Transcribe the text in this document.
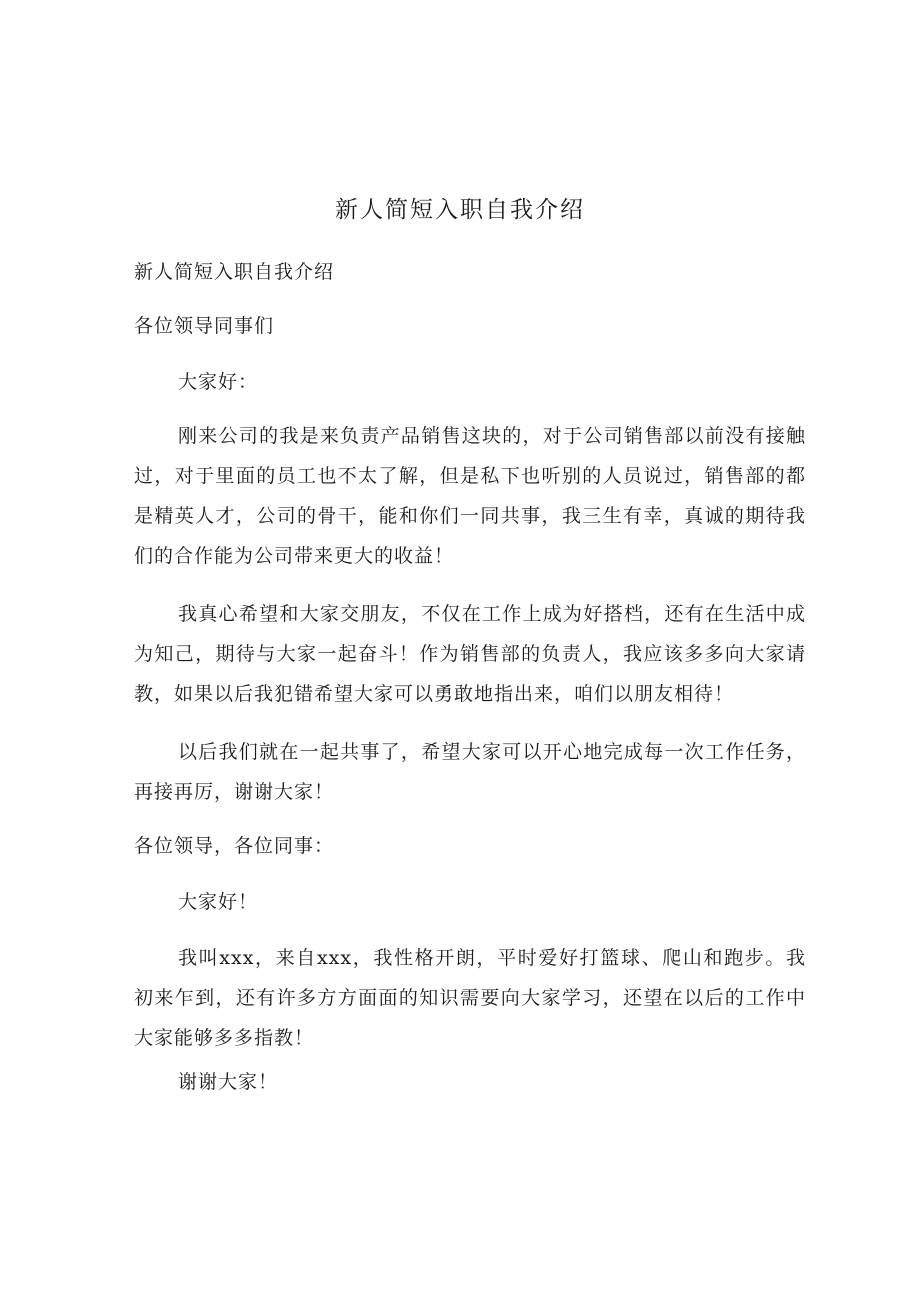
新人简短入职自我介绍

新人简短入职自我介绍

各位领导同事们

大家好：

刚来公司的我是来负责产品销售这块的，对于公司销售部以前没有接触过，对于里面的员工也不太了解，但是私下也听别的人员说过，销售部的都是精英人才，公司的骨干，能和你们一同共事，我三生有幸，真诚的期待我们的合作能为公司带来更大的收益！

我真心希望和大家交朋友，不仅在工作上成为好搭档，还有在生活中成为知己，期待与大家一起奋斗！作为销售部的负责人，我应该多多向大家请教，如果以后我犯错希望大家可以勇敢地指出来，咱们以朋友相待！

以后我们就在一起共事了，希望大家可以开心地完成每一次工作任务，再接再厉，谢谢大家！

各位领导，各位同事：

大家好！

我叫xxx，来自xxx，我性格开朗，平时爱好打篮球、爬山和跑步。我初来乍到，还有许多方方面面的知识需要向大家学习，还望在以后的工作中大家能够多多指教！

谢谢大家！
